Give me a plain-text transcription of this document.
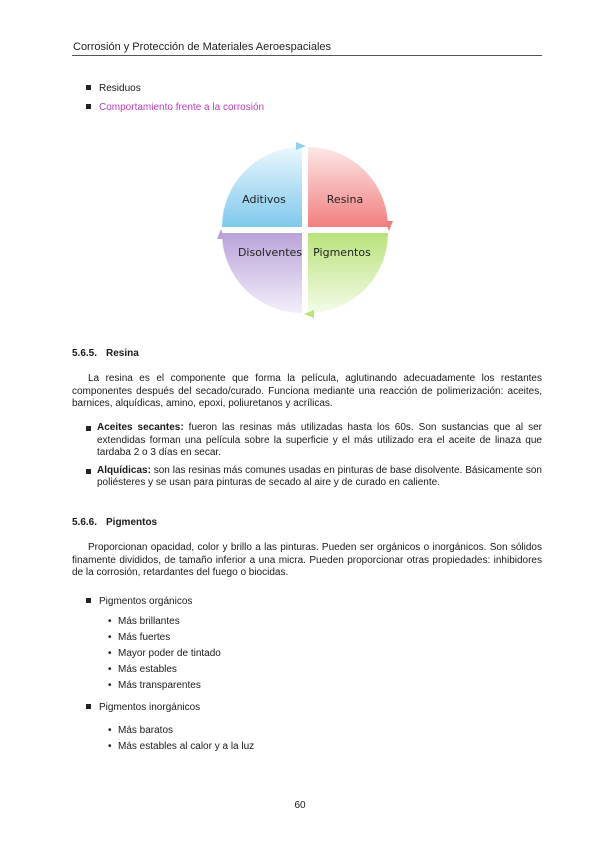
Corrosión y Protección de Materiales Aeroespaciales
Residuos
Comportamiento frente a la corrosión
Aditivos	Resina
Disolventes Pigmentos
5.6.5. Resina
La resina es el componente que forma la película, aglutinando adecuadamente los restantes componentes después del secado/curado. Funciona mediante una reacción de polimerización: aceites, barnices, alquídicas, amino, epoxi, poliuretanos y acrílicas.
Aceites secantes: fueron las resinas más utilizadas hasta los 60s. Son sustancias que al ser extendidas forman una película sobre la superficie y el más utilizado era el aceite de linaza que tardaba 2 o 3 días en secar.
Alquídicas: son las resinas más comunes usadas en pinturas de base disolvente. Básicamente son poliésteres y se usan para pinturas de secado al aire y de curado en caliente.
5.6.6. Pigmentos
Proporcionan opacidad, color y brillo a las pinturas. Pueden ser orgánicos o inorgánicos. Son sólidos finamente divididos, de tamaño inferior a una micra. Pueden proporcionar otras propiedades: inhibidores de la corrosión, retardantes del fuego o biocidas.
Pigmentos orgánicos
• Más brillantes
• Más fuertes
• Mayor poder de tintado
• Más estables
• Más transparentes
Pigmentos inorgánicos
• Más baratos
• Más estables al calor y a la luz
60
